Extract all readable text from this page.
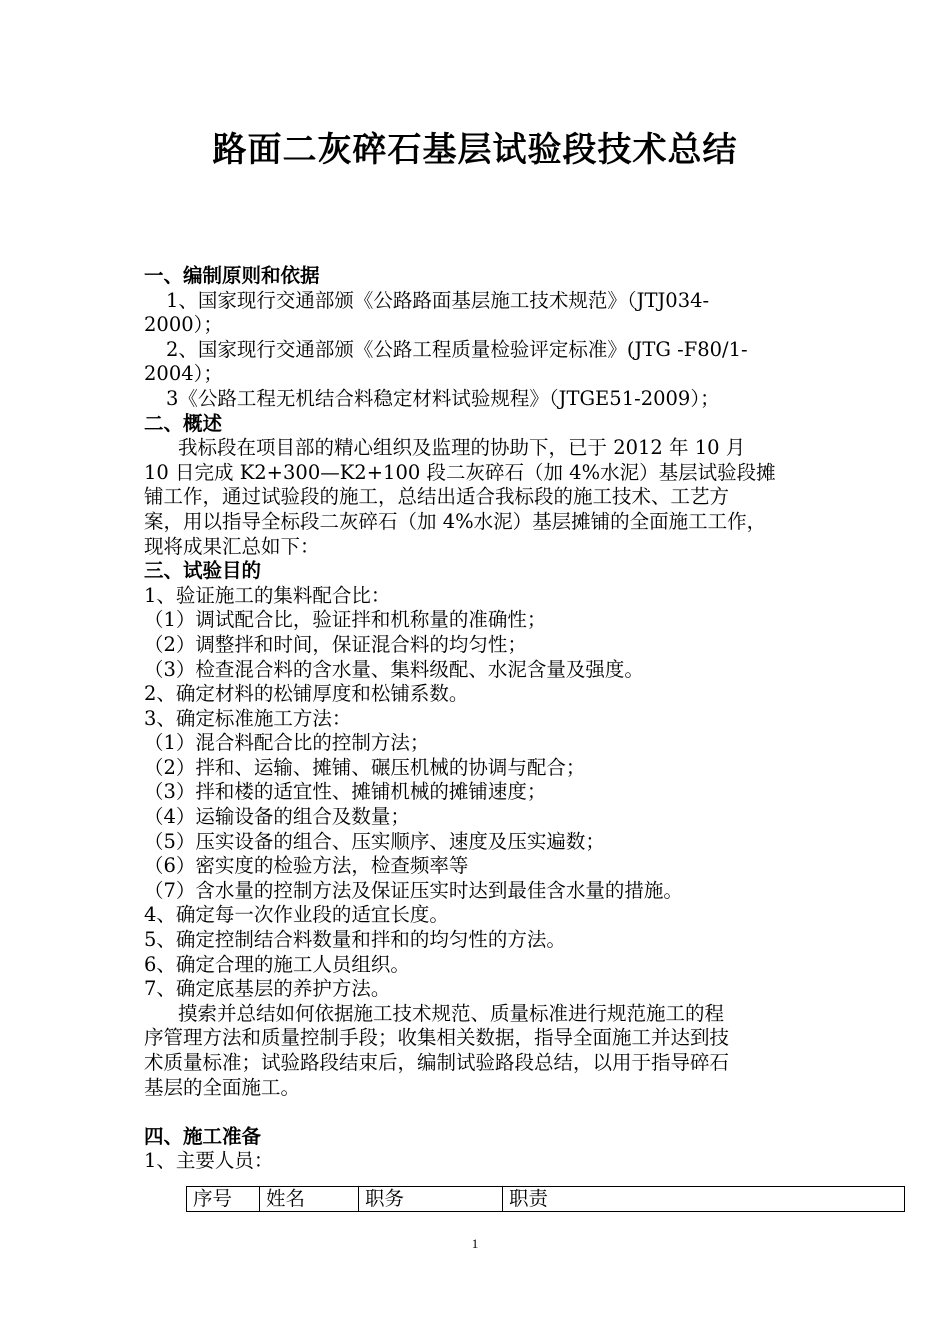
路面二灰碎石基层试验段技术总结
一、编制原则和依据
1、国家现行交通部颁《公路路面基层施工技术规范》（JTJ034-
2000）；
2、国家现行交通部颁《公路工程质量检验评定标准》(JTG -F80/1-
2004）；
3《公路工程无机结合料稳定材料试验规程》（JTGE51-2009）；
二、概述
我标段在项目部的精心组织及监理的协助下，已于 2012 年 10 月
10 日完成 K2+300—K2+100 段二灰碎石（加 4%水泥）基层试验段摊
铺工作，通过试验段的施工，总结出适合我标段的施工技术、工艺方
案，用以指导全标段二灰碎石（加 4%水泥）基层摊铺的全面施工工作，
现将成果汇总如下：
三、试验目的
1、验证施工的集料配合比：
（1）调试配合比，验证拌和机称量的准确性；
（2）调整拌和时间，保证混合料的均匀性；
（3）检查混合料的含水量、集料级配、水泥含量及强度。
2、确定材料的松铺厚度和松铺系数。
3、确定标准施工方法：
（1）混合料配合比的控制方法；
（2）拌和、运输、摊铺、碾压机械的协调与配合；
（3）拌和楼的适宜性、摊铺机械的摊铺速度；
（4）运输设备的组合及数量；
（5）压实设备的组合、压实顺序、速度及压实遍数；
（6）密实度的检验方法，检查频率等
（7）含水量的控制方法及保证压实时达到最佳含水量的措施。
4、确定每一次作业段的适宜长度。
5、确定控制结合料数量和拌和的均匀性的方法。
6、确定合理的施工人员组织。
7、确定底基层的养护方法。
摸索并总结如何依据施工技术规范、质量标准进行规范施工的程
序管理方法和质量控制手段；收集相关数据，指导全面施工并达到技
术质量标准；试验路段结束后，编制试验路段总结，以用于指导碎石
基层的全面施工。
四、施工准备
1、主要人员：
序号	姓名	职务	职责
1
